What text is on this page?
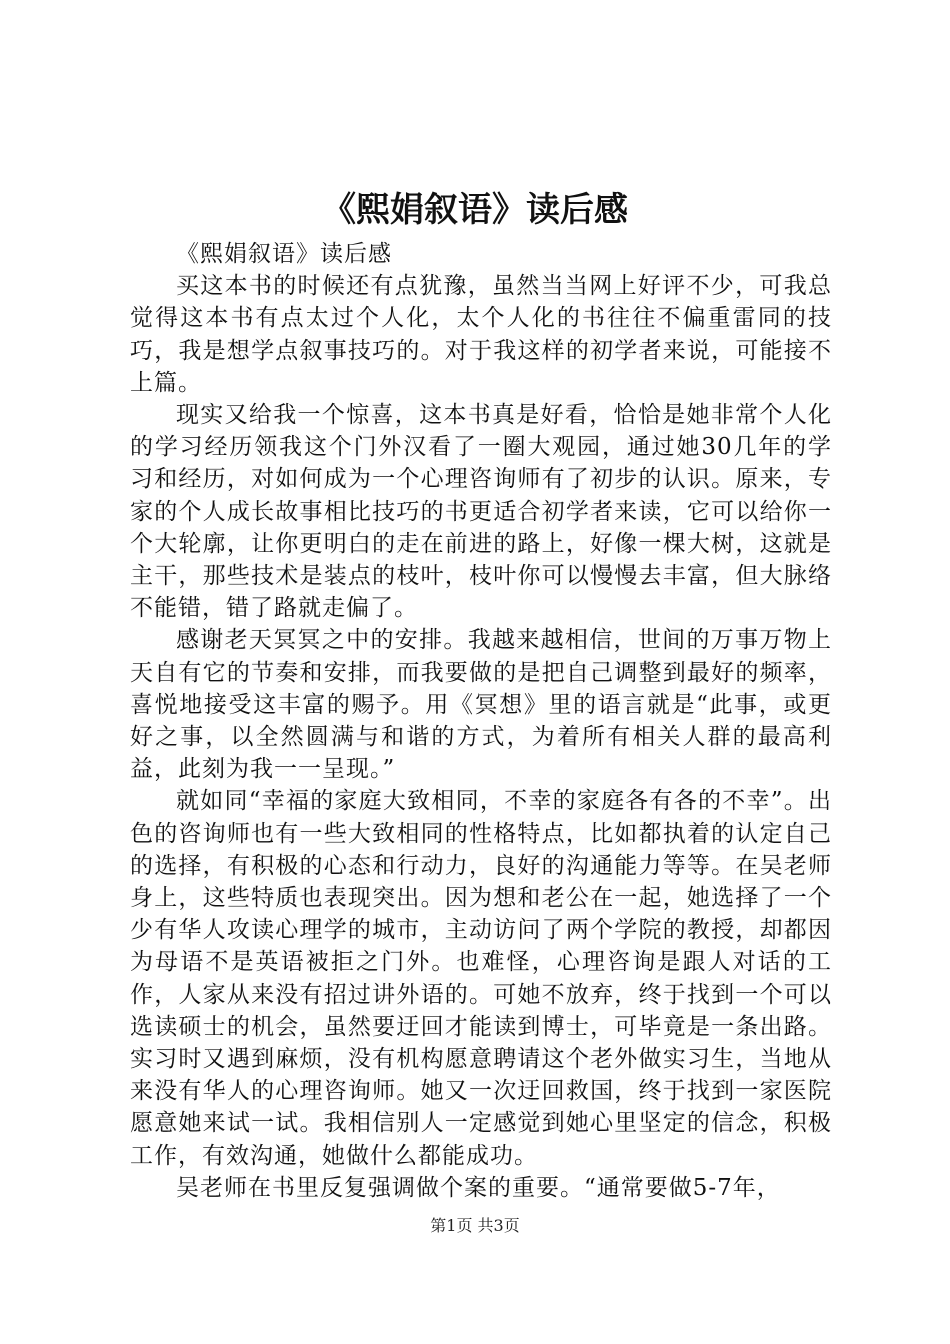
《熙娟叙语》读后感

《熙娟叙语》读后感

买这本书的时候还有点犹豫，虽然当当网上好评不少，可我总觉得这本书有点太过个人化，太个人化的书往往不偏重雷同的技巧，我是想学点叙事技巧的。对于我这样的初学者来说，可能接不上篇。

现实又给我一个惊喜，这本书真是好看，恰恰是她非常个人化的学习经历领我这个门外汉看了一圈大观园，通过她30几年的学习和经历，对如何成为一个心理咨询师有了初步的认识。原来，专家的个人成长故事相比技巧的书更适合初学者来读，它可以给你一个大轮廓，让你更明白的走在前进的路上，好像一棵大树，这就是主干，那些技术是装点的枝叶，枝叶你可以慢慢去丰富，但大脉络不能错，错了路就走偏了。

感谢老天冥冥之中的安排。我越来越相信，世间的万事万物上天自有它的节奏和安排，而我要做的是把自己调整到最好的频率，喜悦地接受这丰富的赐予。用《冥想》里的语言就是“此事，或更好之事，以全然圆满与和谐的方式，为着所有相关人群的最高利益，此刻为我一一呈现。”

就如同“幸福的家庭大致相同，不幸的家庭各有各的不幸”。出色的咨询师也有一些大致相同的性格特点，比如都执着的认定自己的选择，有积极的心态和行动力，良好的沟通能力等等。在吴老师身上，这些特质也表现突出。因为想和老公在一起，她选择了一个少有华人攻读心理学的城市，主动访问了两个学院的教授，却都因为母语不是英语被拒之门外。也难怪，心理咨询是跟人对话的工作，人家从来没有招过讲外语的。可她不放弃，终于找到一个可以选读硕士的机会，虽然要迂回才能读到博士，可毕竟是一条出路。实习时又遇到麻烦，没有机构愿意聘请这个老外做实习生，当地从来没有华人的心理咨询师。她又一次迂回救国，终于找到一家医院愿意她来试一试。我相信别人一定感觉到她心里坚定的信念，积极工作，有效沟通，她做什么都能成功。

吴老师在书里反复强调做个案的重要。“通常要做5-7年，

第1页 共3页
